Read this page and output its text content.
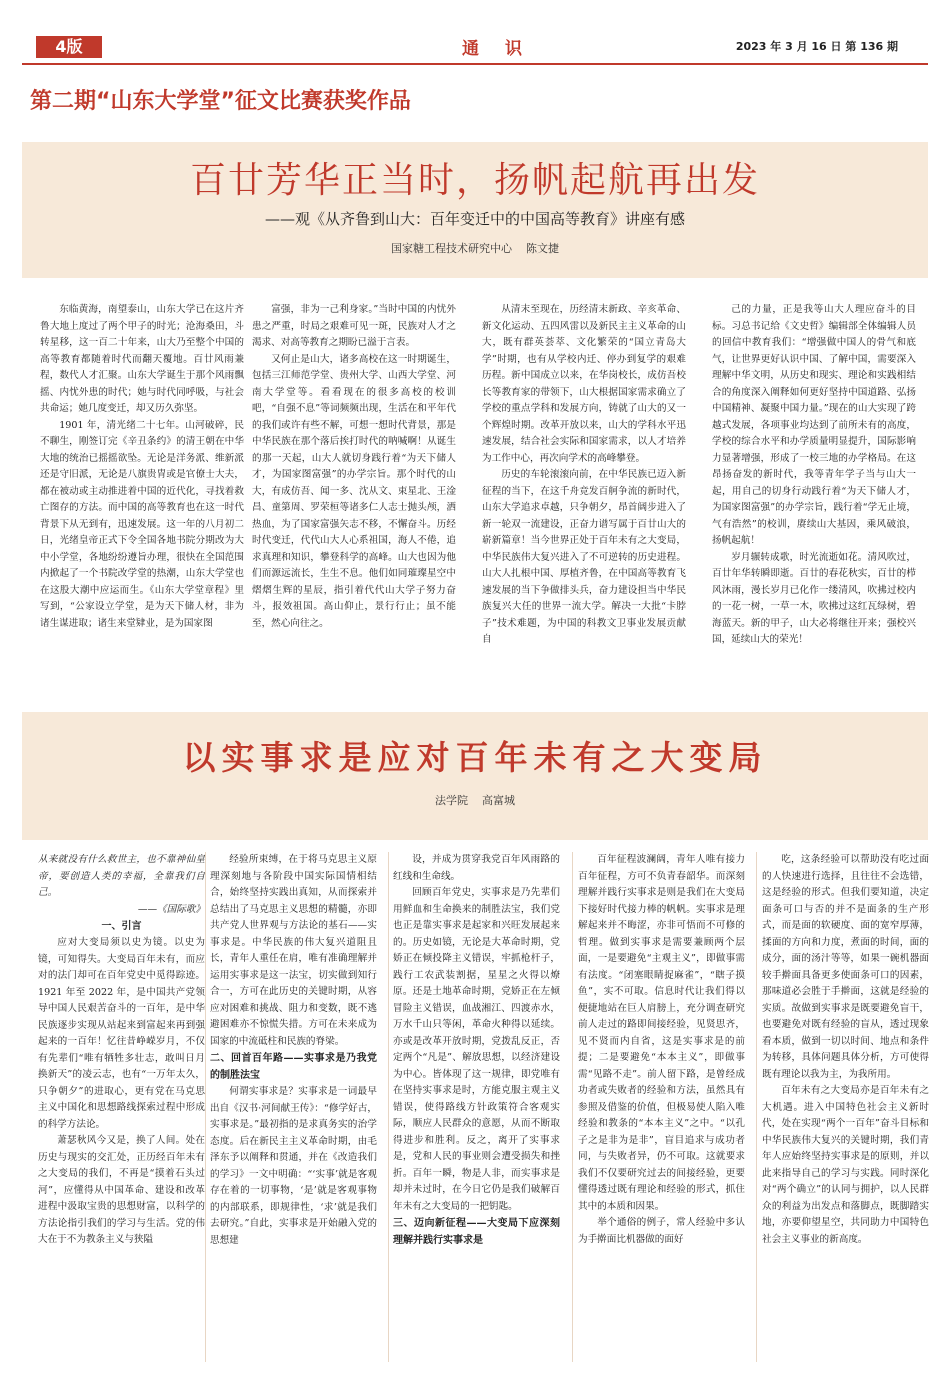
4版	通 识	2023 年 3 月 16 日 第 136 期
第二期“山东大学堂”征文比赛获奖作品
百廿芳华正当时，扬帆起航再出发
——观《从齐鲁到山大：百年变迁中的中国高等教育》讲座有感
国家糖工程技术研究中心    陈文捷

东临黄海，南望泰山，山东大学已在这片齐鲁大地上度过了两个甲子的时光；沧海桑田，斗转星移，这一百二十年来，山大乃至整个中国的高等教育都随着时代而翻天覆地。百廿风雨兼程，数代人才汇聚。山东大学诞生于那个风雨飘摇、内忧外患的时代；她与时代同呼吸，与社会共命运；她几度变迁，却又历久弥坚。

1901 年，清光绪二十七年。山河破碎，民不聊生，刚签订完《辛丑条约》的清王朝在中华大地的统治已摇摇欲坠。无论是洋务派、维新派还是守旧派，无论是八旗贵胄或是官僚士大夫，都在被动或主动推进着中国的近代化，寻找着救亡图存的方法。而中国的高等教育也在这一时代背景下从无到有，迅速发展。这一年的八月初二日，光绪皇帝正式下令全国各地书院分期改为大中小学堂，各地纷纷遵旨办理，很快在全国范围内掀起了一个书院改学堂的热潮，山东大学堂也在这股大潮中应运而生。《山东大学堂章程》里写到，“公家设立学堂，是为天下储人材，非为诸生谋进取；诸生来堂肄业，是为国家图

富强，非为一己利身家。”当时中国的内忧外患之严重，时局之艰难可见一斑，民族对人才之渴求、对高等教育之期盼已溢于言表。

又何止是山大，诸多高校在这一时期诞生，包括三江师范学堂、贵州大学、山西大学堂、河南大学堂等。看看现在的很多高校的校训吧，“自强不息”等词频频出现，生活在和平年代的我们或许有些不解，可想一想时代背景，那是中华民族在那个落后挨打时代的呐喊啊！从诞生的那一天起，山大人就切身践行着“为天下储人才，为国家图富强”的办学宗旨。那个时代的山大，有成仿吾、闻一多、沈从文、束星北、王淦昌、童第周、罗荣桓等诸多仁人志士抛头颅，洒热血，为了国家富强矢志不移，不懈奋斗。历经时代变迁，代代山大人心系祖国，海人不倦，追求真理和知识，攀登科学的高峰。山大也因为他们而源远流长，生生不息。他们如同璀璨星空中熠熠生辉的星辰，指引着代代山大学子努力奋斗，报效祖国。高山仰止，景行行止；虽不能至，然心向往之。

从清末至现在，历经清末新政、辛亥革命、新文化运动、五四风雷以及新民主主义革命的山大，既有群英荟萃、文化繁荣的“国立青岛大学”时期，也有从学校内迁、停办到复学的艰难历程。新中国成立以来，在华岗校长，成仿吾校长等教育家的带领下，山大根据国家需求确立了学校的重点学科和发展方向，铸就了山大的又一个辉煌时期。改革开放以来，山大的学科水平迅速发展，结合社会实际和国家需求，以人才培养为工作中心，再次向学术的高峰攀登。

历史的车轮滚滚向前，在中华民族已迈入新征程的当下，在这千舟竞发百舸争流的新时代，山东大学追求卓越，只争朝夕，昂首阔步进入了新一轮双一流建设，正奋力谱写属于百廿山大的崭新篇章！当今世界正处于百年未有之大变局，中华民族伟大复兴进入了不可逆转的历史进程。山大人扎根中国、厚植齐鲁，在中国高等教育飞速发展的当下争做排头兵，奋力建设担当中华民族复兴大任的世界一流大学。解决一大批“卡脖子”技术难题，为中国的科教文卫事业发展贡献自

己的力量，正是我等山大人理应奋斗的目标。习总书记给《文史哲》编辑部全体编辑人员的回信中教育我们：“增强做中国人的骨气和底气，让世界更好认识中国、了解中国，需要深入理解中华文明，从历史和现实、理论和实践相结合的角度深入阐释如何更好坚持中国道路、弘扬中国精神、凝聚中国力量。”现在的山大实现了跨越式发展，各项事业均达到了前所未有的高度，学校的综合水平和办学质量明显提升，国际影响力显著增强，形成了一校三地的办学格局。在这昂扬奋发的新时代，我等青年学子当与山大一起，用自己的切身行动践行着“为天下储人才，为国家图富强”的办学宗旨，践行着“学无止境，气有浩然”的校训，赓续山大基因，乘风破浪，扬帆起航！

岁月辗转成歌，时光流逝如花。清风吹过，百廿年华转瞬即逝。百廿的春花秋实，百廿的栉风沐雨，漫长岁月已化作一缕清风，吹拂过校内的一花一树，一草一木，吹拂过这红瓦绿树，碧海蓝天。新的甲子，山大必将继往开来；强校兴国，延续山大的荣光！

以实事求是应对百年未有之大变局
法学院    高富城

从来就没有什么救世主，也不靠神仙皇帝，要创造人类的幸福，全靠我们自己。

——《国际歌》

一、引言

应对大变局须以史为镜。以史为镜，可知得失。大变局百年未有，而应对的法门却可在百年党史中觅得踪迹。1921 年至 2022 年，是中国共产党领导中国人民艰苦奋斗的一百年，是中华民族逐步实现从站起来到富起来再到强起来的一百年！忆往昔峥嵘岁月，不仅有先辈们“唯有牺牲多壮志，敢叫日月换新天”的凌云志，也有“一万年太久，只争朝夕”的进取心，更有党在马克思主义中国化和思想路线探索过程中形成的科学方法论。

萧瑟秋风今又是，换了人间。处在历史与现实的交汇处，正历经百年未有之大变局的我们，不再是“摸着石头过河”，应懂得从中国革命、建设和改革进程中汲取宝贵的思想财富，以科学的方法论指引我们的学习与生活。党的伟大在于不为教条主义与狭隘

经验所束缚，在于将马克思主义原理深刻地与各阶段中国实际国情相结合，始终坚持实践出真知，从而探索并总结出了马克思主义思想的精髓，亦即共产党人世界观与方法论的基石——实事求是。中华民族的伟大复兴道阻且长，青年人重任在肩，唯有准确理解并运用实事求是这一法宝，切实做到知行合一，方可在此历史的关键时期，从容应对困难和挑战、阻力和变数，既不逃避困难亦不惊慌失措。方可在未来成为国家的中流砥柱和民族的脊梁。

二、回首百年路——实事求是乃我党的制胜法宝

何谓实事求是？实事求是一词最早出自《汉书·河间献王传》：“修学好古，实事求是。”最初指的是求真务实的治学态度。后在新民主主义革命时期，由毛泽东予以阐释和贯通，并在《改造我们的学习》一文中明确：“‘实事’就是客观存在着的一切事物，‘是’就是客观事物的内部联系，即规律性，‘求’就是我们去研究。”自此，实事求是开始融入党的思想建

设，并成为贯穿我党百年风雨路的红线和生命线。

回顾百年党史，实事求是乃先辈们用鲜血和生命换来的制胜法宝，我们党也正是靠实事求是起家和兴旺发展起来的。历史如镜，无论是大革命时期，党娇正在倾投降主义错误，牢抓枪杆子，践行工农武装割据，星星之火得以燎原。还是土地革命时期，党娇正在左倾冒险主义错误，血战湘江、四渡赤水，万水千山只等闲，革命火种得以延续。亦或是改革开放时期，党拨乱反正，否定两个“凡是”、解放思想，以经济建设为中心。皆体现了这一规律，即党唯有在坚持实事求是时，方能克服主观主义错误，使得路线方针政策符合客观实际，顺应人民群众的意愿，从而不断取得进步和胜利。反之，离开了实事求是，党和人民的事业则会遭受损失和挫折。百年一瞬，物是人非，而实事求是却并未过时，在今日它仍是我们破解百年未有之大变局的一把钥匙。

三、迈向新征程——大变局下应深刻理解并践行实事求是

百年征程波澜阔，青年人唯有接力百年征程，方可不负青春韶华。而深刻理解并践行实事求是则是我们在大变局下接好时代接力棒的帆帆。实事求是理解起来并不晦涩，亦非可悟而不可修的哲理。做到实事求是需要兼顾两个层面，一是要避免“主观主义”，即做事需有法度。“闭塞眼睛捉麻雀”，“瞎子摸鱼”，实不可取。信息时代让我们得以便捷地站在巨人肩膀上，充分调查研究前人走过的路即间接经验，见贤思齐，见不贤而内自省，这是实事求是的前提；二是要避免“本本主义”，即做事需“见路不走”。前人留下路，是曾经成功者或失败者的经验和方法，虽然具有参照及借鉴的价值，但极易使人陷入唯经验和教条的“本本主义”之中。“以孔子之是非为是非”，盲目追求与成功者同，与失败者异，仍不可取。这就要求我们不仅要研究过去的间接经验，更要懂得透过既有理论和经验的形式，抓住其中的本质和因果。

举个通俗的例子，常人经验中多认为手擀面比机器做的面好

吃，这条经验可以帮助没有吃过面的人快速进行选择，且往往不会选错，这是经验的形式。但我们要知道，决定面条可口与否的并不是面条的生产形式，而是面的软硬度、面的宽窄厚薄，揉面的方向和力度，煮面的时间，面的成分，面的汤汁等等，如果一碗机器面较手擀面具备更多使面条可口的因素，那味道必会胜于手擀面，这就是经验的实质。故做到实事求是既要避免盲干，也要避免对既有经验的盲从，透过现象看本质，做到一切以时间、地点和条件为转移，具体问题具体分析，方可使得既有理论以我为主，为我所用。

百年未有之大变局亦是百年未有之大机遇。进入中国特色社会主义新时代，处在实现“两个一百年”奋斗目标和中华民族伟大复兴的关键时期，我们青年人应始终坚持实事求是的原则，并以此来指导自己的学习与实践。同时深化对“两个确立”的认同与拥护，以人民群众的利益为出发点和落脚点，既脚踏实地，亦要仰望星空，共同助力中国特色社会主义事业的新高度。
